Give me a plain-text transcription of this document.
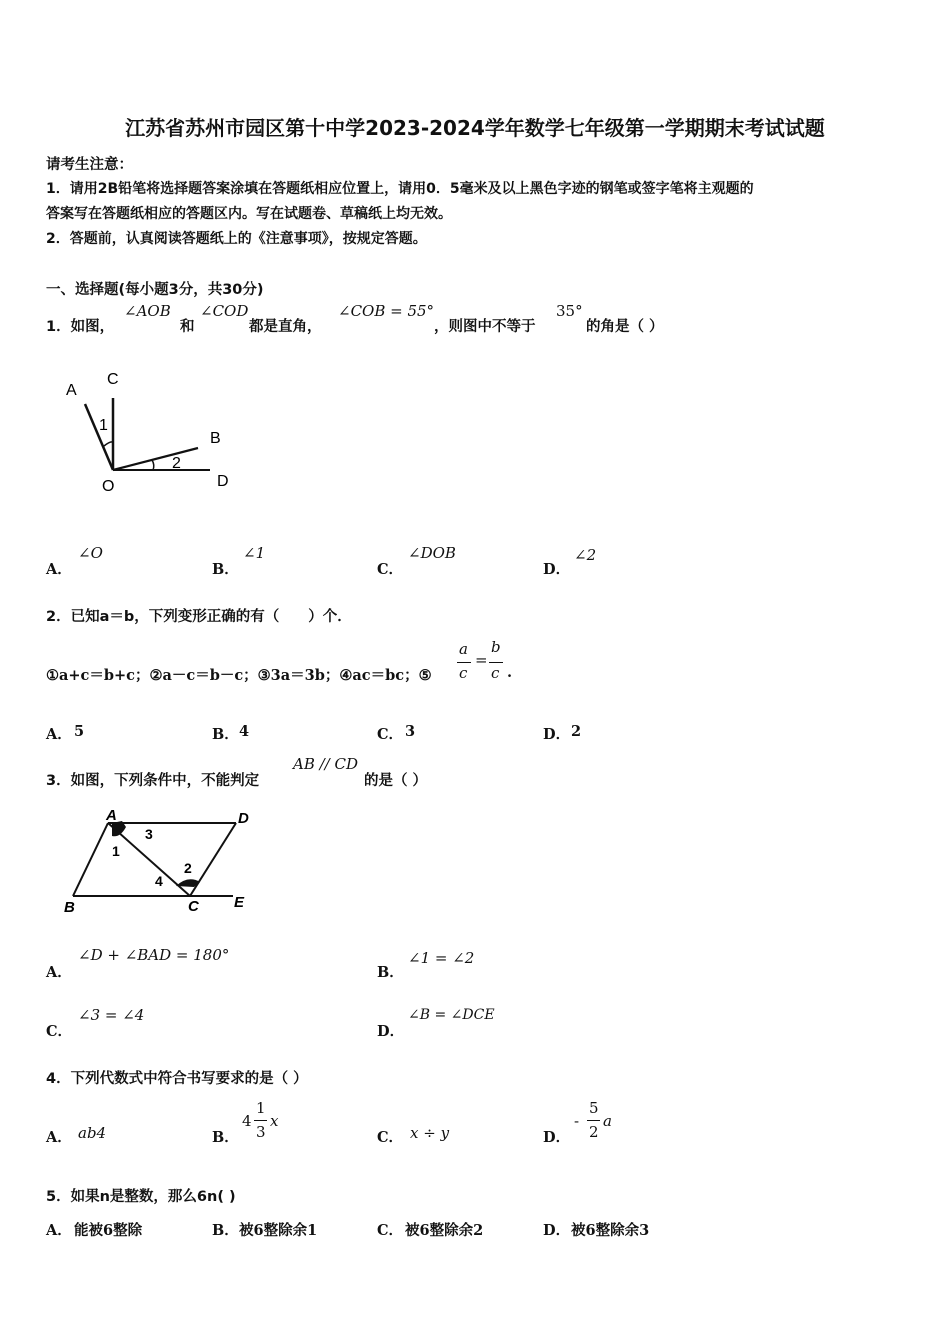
江苏省苏州市园区第十中学2023-2024学年数学七年级第一学期期末考试试题
请考生注意：
1．请用2B铅笔将选择题答案涂填在答题纸相应位置上，请用0．5毫米及以上黑色字迹的钢笔或签字笔将主观题的
答案写在答题纸相应的答题区内。写在试题卷、草稿纸上均无效。
2．答题前，认真阅读答题纸上的《注意事项》，按规定答题。
一、选择题(每小题3分，共30分)
1．如图，
∠AOB
和
∠COD
都是直角，
∠COB = 55°
，则图中不等于
35°
的角是（ ）
A
C
B
D
O
1
2
A．
∠O
B．
∠1
C．
∠DOB
D．
∠2
2．已知a＝b，下列变形正确的有（　　）个．
①a+c＝b+c；②a－c＝b－c；③3a＝3b；④ac＝bc；⑤
a
c
=
b
c .
A． 5	B． 4	C． 3	D． 2
3．如图，下列条件中，不能判定
AB // CD
的是（ ）
A	D
B	C E
1
2
3
4
A．
∠D + ∠BAD = 180°
B．
∠1 = ∠2
C．
∠3 = ∠4
D．
∠B = ∠DCE
4．下列代数式中符合书写要求的是（ ）
A． ab4	B．
4
1
3
x
C． x ÷ y	D．
-
5
2
a
5．如果n是整数，那么6n( )
A． 能被6整除	B． 被6整除余1	C． 被6整除余2	D． 被6整除余3
